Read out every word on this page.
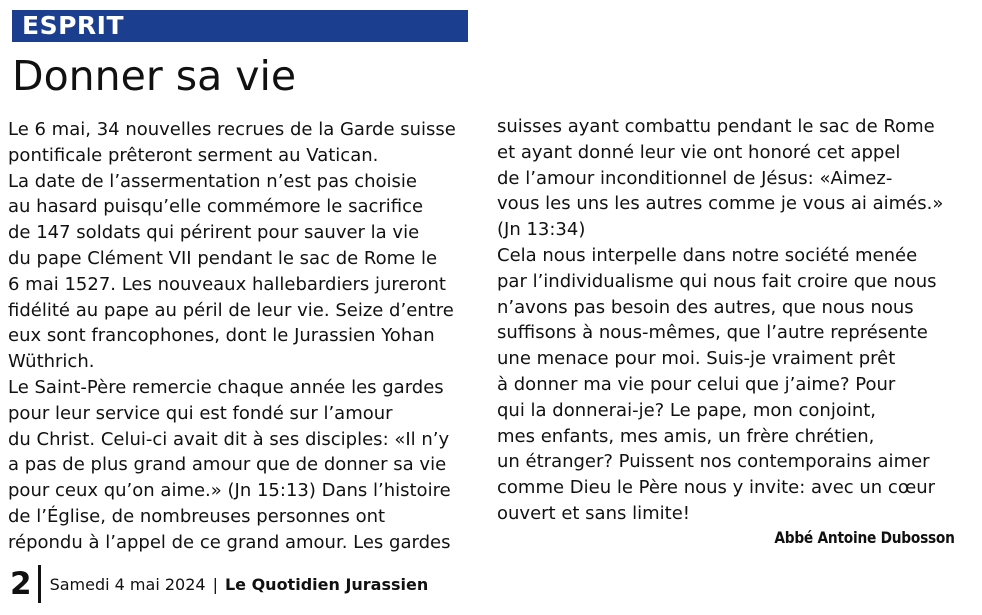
ESPRIT
Donner sa vie
Le 6 mai, 34 nouvelles recrues de la Garde suisse
pontificale prêteront serment au Vatican.
La date de l’assermentation n’est pas choisie
au hasard puisqu’elle commémore le sacrifice
de 147 soldats qui périrent pour sauver la vie
du pape Clément VII pendant le sac de Rome le
6 mai 1527. Les nouveaux hallebardiers jureront
fidélité au pape au péril de leur vie. Seize d’entre
eux sont francophones, dont le Jurassien Yohan
Wüthrich.
Le Saint-Père remercie chaque année les gardes
pour leur service qui est fondé sur l’amour
du Christ. Celui-ci avait dit à ses disciples: «Il n’y
a pas de plus grand amour que de donner sa vie
pour ceux qu’on aime.» (Jn 15:13) Dans l’histoire
de l’Église, de nombreuses personnes ont
répondu à l’appel de ce grand amour. Les gardes
suisses ayant combattu pendant le sac de Rome
et ayant donné leur vie ont honoré cet appel
de l’amour inconditionnel de Jésus: «Aimez-
vous les uns les autres comme je vous ai aimés.»
(Jn 13:34)
Cela nous interpelle dans notre société menée
par l’individualisme qui nous fait croire que nous
n’avons pas besoin des autres, que nous nous
suffisons à nous-mêmes, que l’autre représente
une menace pour moi. Suis-je vraiment prêt
à donner ma vie pour celui que j’aime? Pour
qui la donnerai-je? Le pape, mon conjoint,
mes enfants, mes amis, un frère chrétien,
un étranger? Puissent nos contemporains aimer
comme Dieu le Père nous y invite: avec un cœur
ouvert et sans limite!
Abbé Antoine Dubosson
2 Samedi 4 mai 2024 | Le Quotidien Jurassien
